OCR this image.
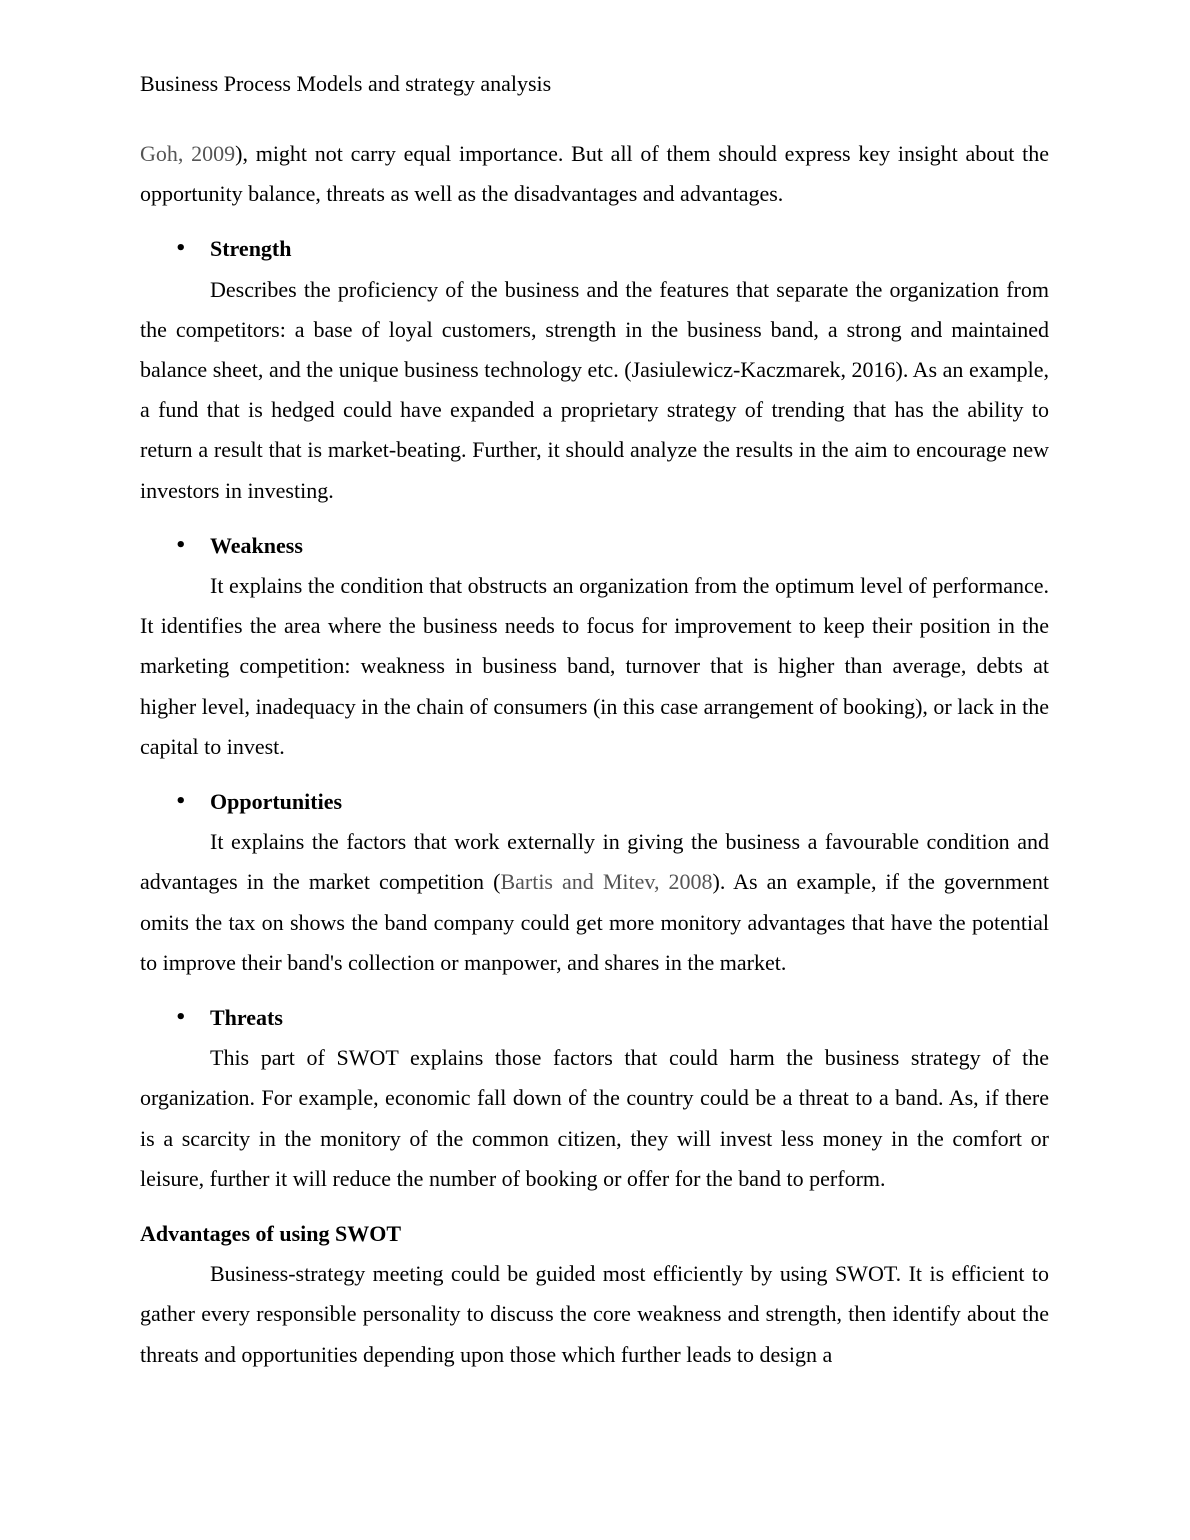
Business Process Models and strategy analysis

Goh, 2009), might not carry equal importance. But all of them should express key insight about the opportunity balance, threats as well as the disadvantages and advantages.

• Strength

Describes the proficiency of the business and the features that separate the organization from the competitors: a base of loyal customers, strength in the business band, a strong and maintained balance sheet, and the unique business technology etc. (Jasiulewicz-Kaczmarek, 2016). As an example, a fund that is hedged could have expanded a proprietary strategy of trending that has the ability to return a result that is market-beating. Further, it should analyze the results in the aim to encourage new investors in investing.

• Weakness

It explains the condition that obstructs an organization from the optimum level of performance. It identifies the area where the business needs to focus for improvement to keep their position in the marketing competition: weakness in business band, turnover that is higher than average, debts at higher level, inadequacy in the chain of consumers (in this case arrangement of booking), or lack in the capital to invest.

• Opportunities

It explains the factors that work externally in giving the business a favourable condition and advantages in the market competition (Bartis and Mitev, 2008). As an example, if the government omits the tax on shows the band company could get more monitory advantages that have the potential to improve their band's collection or manpower, and shares in the market.

• Threats

This part of SWOT explains those factors that could harm the business strategy of the organization. For example, economic fall down of the country could be a threat to a band. As, if there is a scarcity in the monitory of the common citizen, they will invest less money in the comfort or leisure, further it will reduce the number of booking or offer for the band to perform.

Advantages of using SWOT

Business-strategy meeting could be guided most efficiently by using SWOT. It is efficient to gather every responsible personality to discuss the core weakness and strength, then identify about the threats and opportunities depending upon those which further leads to design a
